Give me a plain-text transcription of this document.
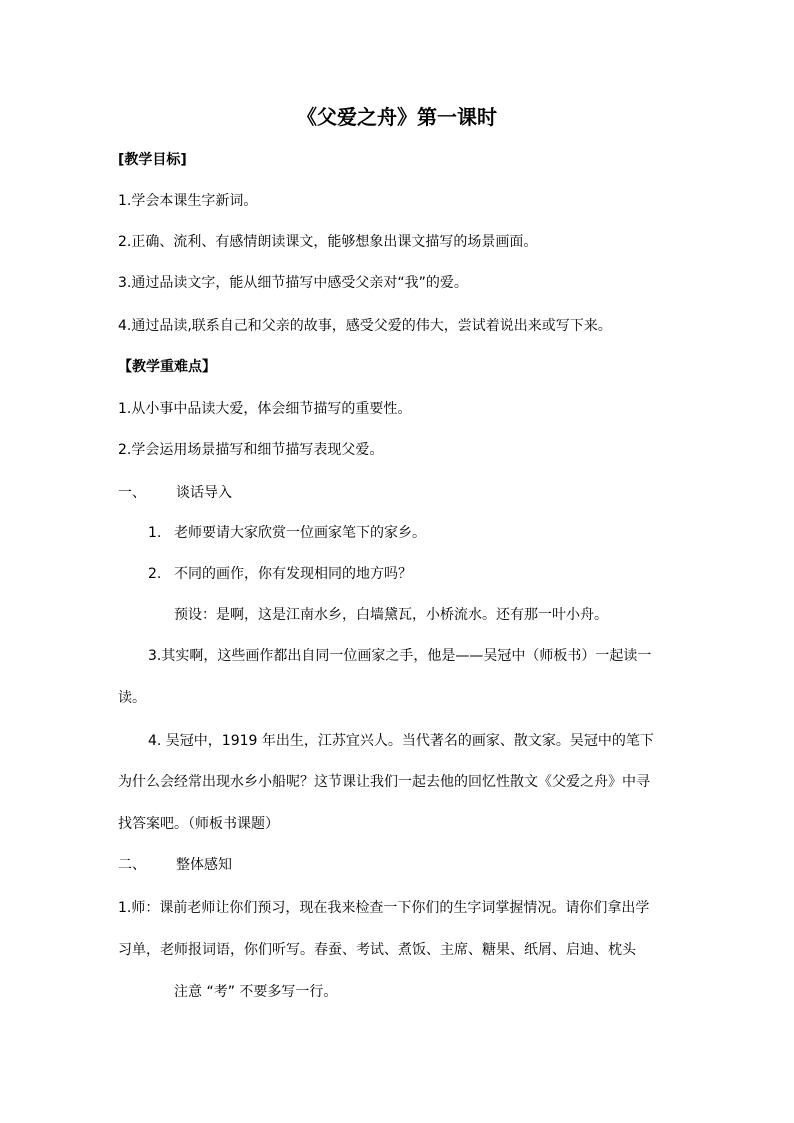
《父爱之舟》第一课时
[教学目标]
1.学会本课生字新词。
2.正确、流利、有感情朗读课文，能够想象出课文描写的场景画面。
3.通过品读文字，能从细节描写中感受父亲对“我”的爱。
4.通过品读,联系自己和父亲的故事，感受父爱的伟大，尝试着说出来或写下来。
【教学重难点】
1.从小事中品读大爱，体会细节描写的重要性。
2.学会运用场景描写和细节描写表现父爱。
一、 谈话导入
1. 老师要请大家欣赏一位画家笔下的家乡。
2. 不同的画作，你有发现相同的地方吗？
预设：是啊，这是江南水乡，白墙黛瓦，小桥流水。还有那一叶小舟。
3.其实啊，这些画作都出自同一位画家之手，他是——吴冠中（师板书）一起读一
读。
4. 吴冠中，1919 年出生，江苏宜兴人。当代著名的画家、散文家。吴冠中的笔下
为什么会经常出现水乡小船呢？这节课让我们一起去他的回忆性散文《父爱之舟》中寻
找答案吧。（师板书课题）
二、 整体感知
1.师：课前老师让你们预习，现在我来检查一下你们的生字词掌握情况。请你们拿出学
习单，老师报词语，你们听写。春蚕、考试、煮饭、主席、糖果、纸屑、启迪、枕头
注意 “考” 不要多写一行。
